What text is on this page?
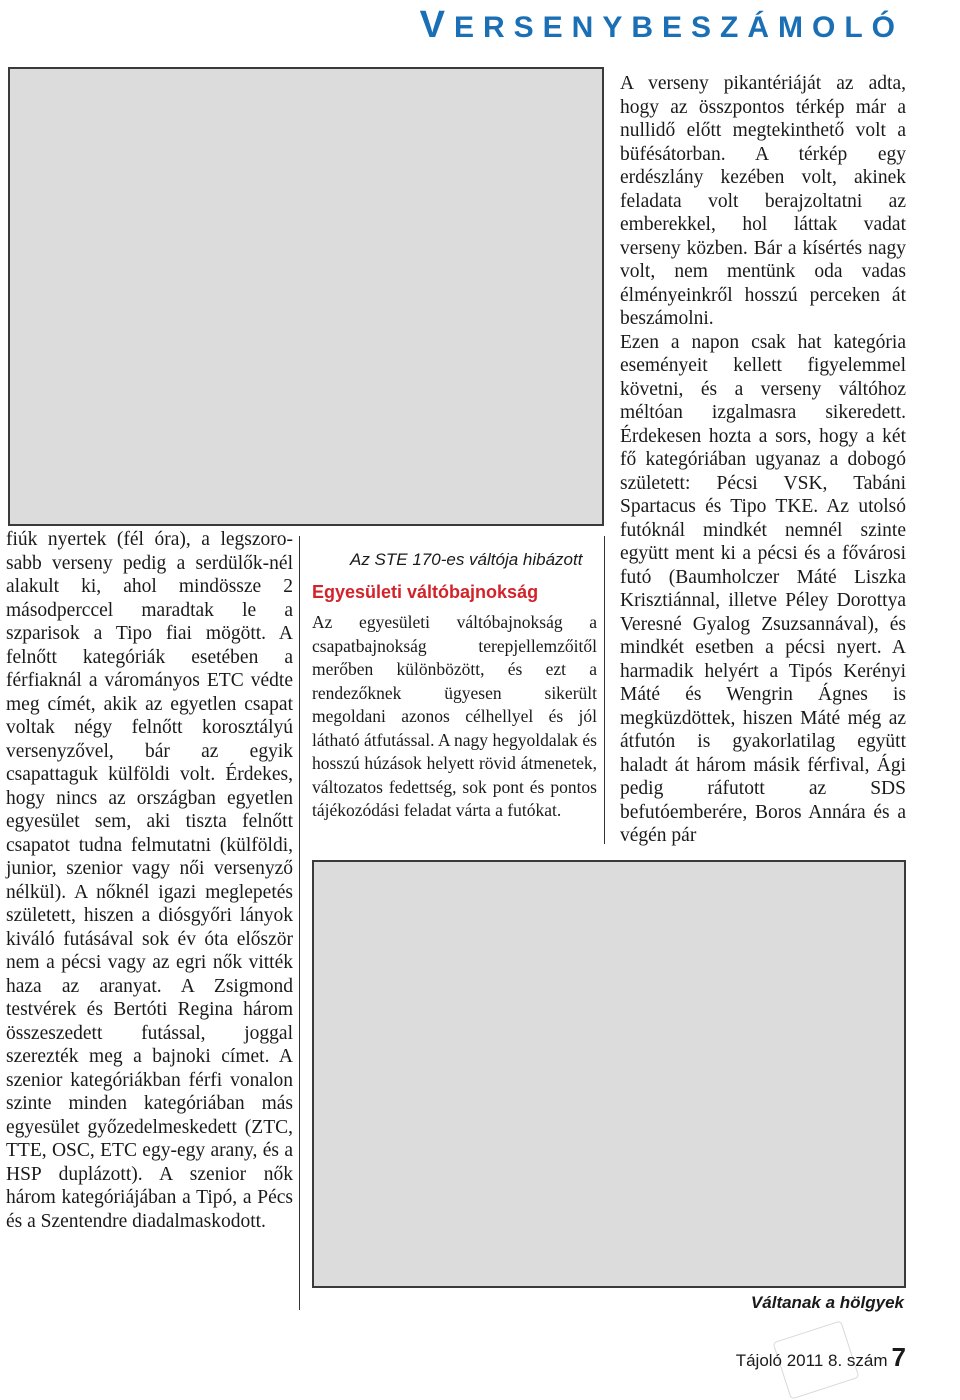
VERSENYBESZÁMOLÓ

fiúk nyertek (fél óra), a legszoro-sabb verseny pedig a serdülők-nél alakult ki, ahol mindössze 2 másodperccel maradtak le a szparisok a Tipo fiai mögött. A felnőtt kategóriák esetében a férfiaknál a várományos ETC védte meg címét, akik az egyetlen csapat voltak négy felnőtt korosztályú versenyzővel, bár az egyik csapattaguk külföldi volt. Érdekes, hogy nincs az országban egyetlen egyesület sem, aki tiszta felnőtt csapatot tudna felmutatni (külföldi, junior, szenior vagy női versenyző nélkül). A nőknél igazi meglepetés született, hiszen a diósgyőri lányok kiváló futásával sok év óta először nem a pécsi vagy az egri nők vitték haza az aranyat. A Zsigmond testvérek és Bertóti Regina három összeszedett futással, joggal szerezték meg a bajnoki címet. A szenior kategóriákban férfi vonalon szinte minden kategóriában más egyesület győzedelmeskedett (ZTC, TTE, OSC, ETC egy-egy arany, és a HSP duplázott). A szenior nők három kategóriájában a Tipó, a Pécs és a Szentendre diadalmaskodott.

Az STE 170-es váltója hibázott
Egyesületi váltóbajnokság

Az egyesületi váltóbajnokság a csapatbajnokság terepjellemzőitől merőben különbözött, és ezt a rendezőknek ügyesen sikerült megoldani azonos célhellyel és jól látható átfutással. A nagy hegyoldalak és hosszú húzások helyett rövid átmenetek, változatos fedettség, sok pont és pontos tájékozódási feladat várta a futókat.

A verseny pikantériáját az adta, hogy az összpontos térkép már a nullidő előtt megtekinthető volt a büfésátorban. A térkép egy erdészlány kezében volt, akinek feladata volt berajzoltatni az emberekkel, hol láttak vadat verseny közben. Bár a kísértés nagy volt, nem mentünk oda vadas élményeinkről hosszú perceken át beszámolni.

Ezen a napon csak hat kategória eseményeit kellett figyelemmel követni, és a verseny váltóhoz méltóan izgalmasra sikeredett. Érdekesen hozta a sors, hogy a két fő kategóriában ugyanaz a dobogó született: Pécsi VSK, Tabáni Spartacus és Tipo TKE. Az utolsó futóknál mindkét nemnél szinte együtt ment ki a pécsi és a fővárosi futó (Baumholczer Máté Liszka Krisztiánnal, illetve Péley Dorottya Veresné Gyalog Zsuzsannával), és mindkét esetben a pécsi nyert. A harmadik helyért a Tipós Kerényi Máté és Wengrin Ágnes is megküzdöttek, hiszen Máté még az átfutón is gyakorlatilag együtt haladt át három másik férfival, Ági pedig ráfutott az SDS befutóemberére, Boros Annára és a végén pár

Váltanak a hölgyek
Tájoló 2011 8. szám 7
